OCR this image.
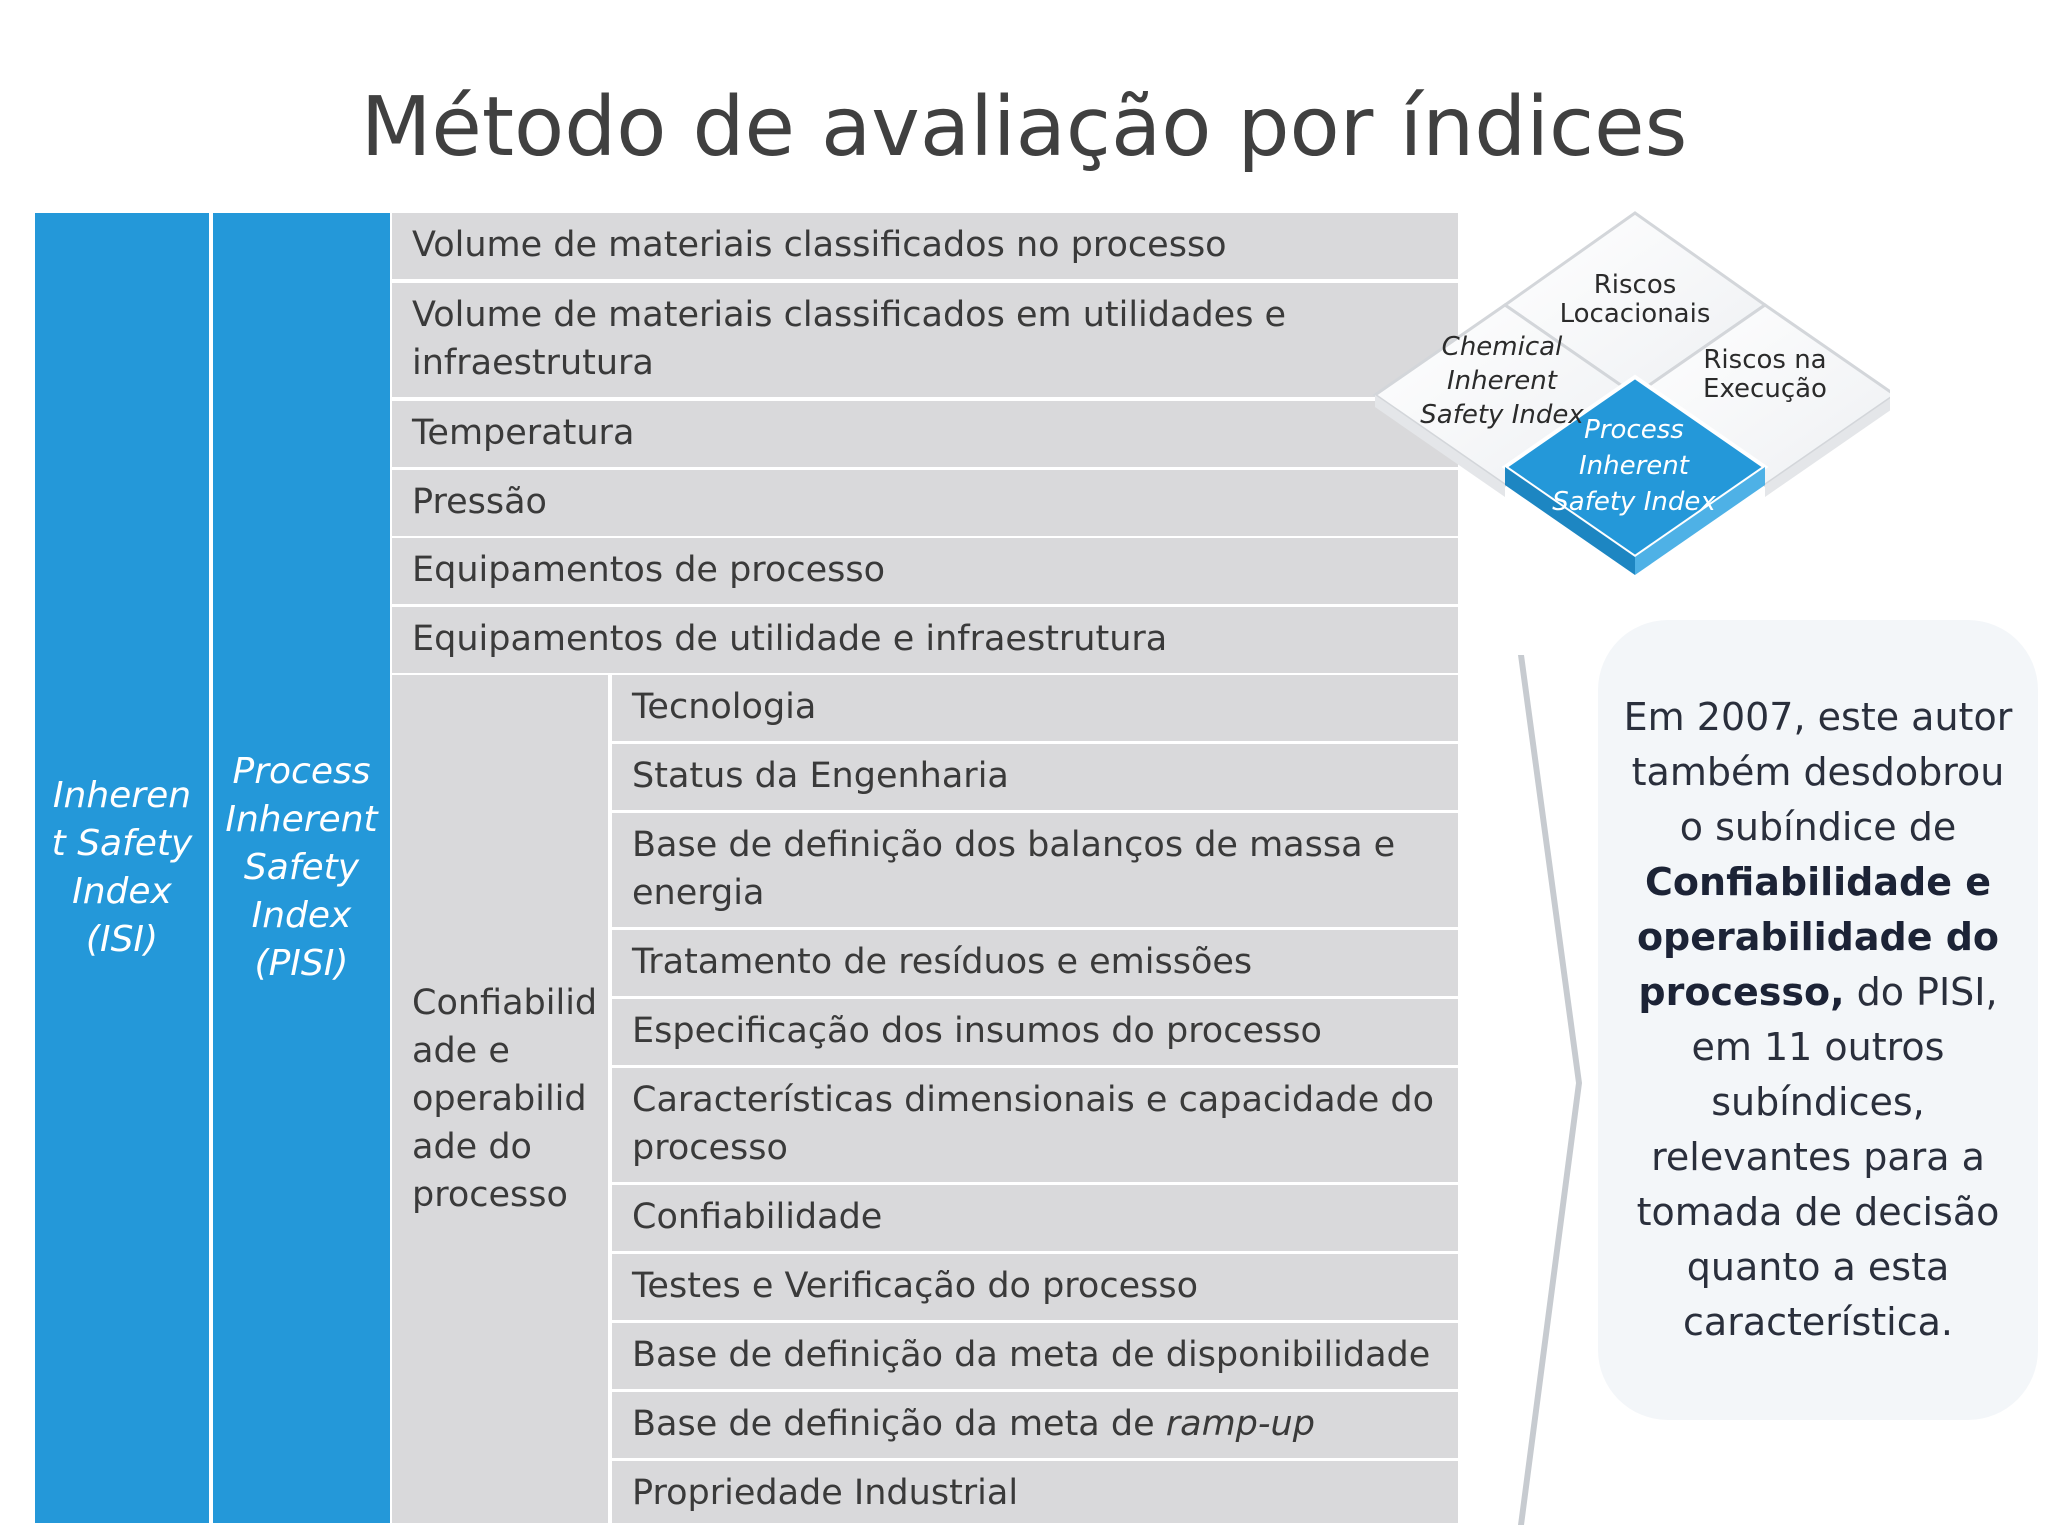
Método de avaliação por índices
Inheren
t Safety
Index
(ISI)
Process
Inherent
Safety
Index
(PISI)
Volume de materiais classificados no processo
Volume de materiais classificados em utilidades e
infraestrutura
Temperatura
Pressão
Equipamentos de processo
Equipamentos de utilidade e infraestrutura
Confiabilid
ade e
operabilid
ade do
processo
Tecnologia
Status da Engenharia
Base de definição dos balanços de massa e
energia
Tratamento de resíduos e emissões
Especificação dos insumos do processo
Características dimensionais e capacidade do
processo
Confiabilidade
Testes e Verificação do processo
Base de definição da meta de disponibilidade
Base de definição da meta de ramp-up
Propriedade Industrial
Riscos
Locacionais
Chemical
Inherent
Safety Index
Riscos na
Execução
Process
Inherent
Safety Index
Em 2007, este autor
também desdobrou
o subíndice de
Confiabilidade e
operabilidade do
processo, do PISI,
em 11 outros
subíndices,
relevantes para a
tomada de decisão
quanto a esta
característica.
